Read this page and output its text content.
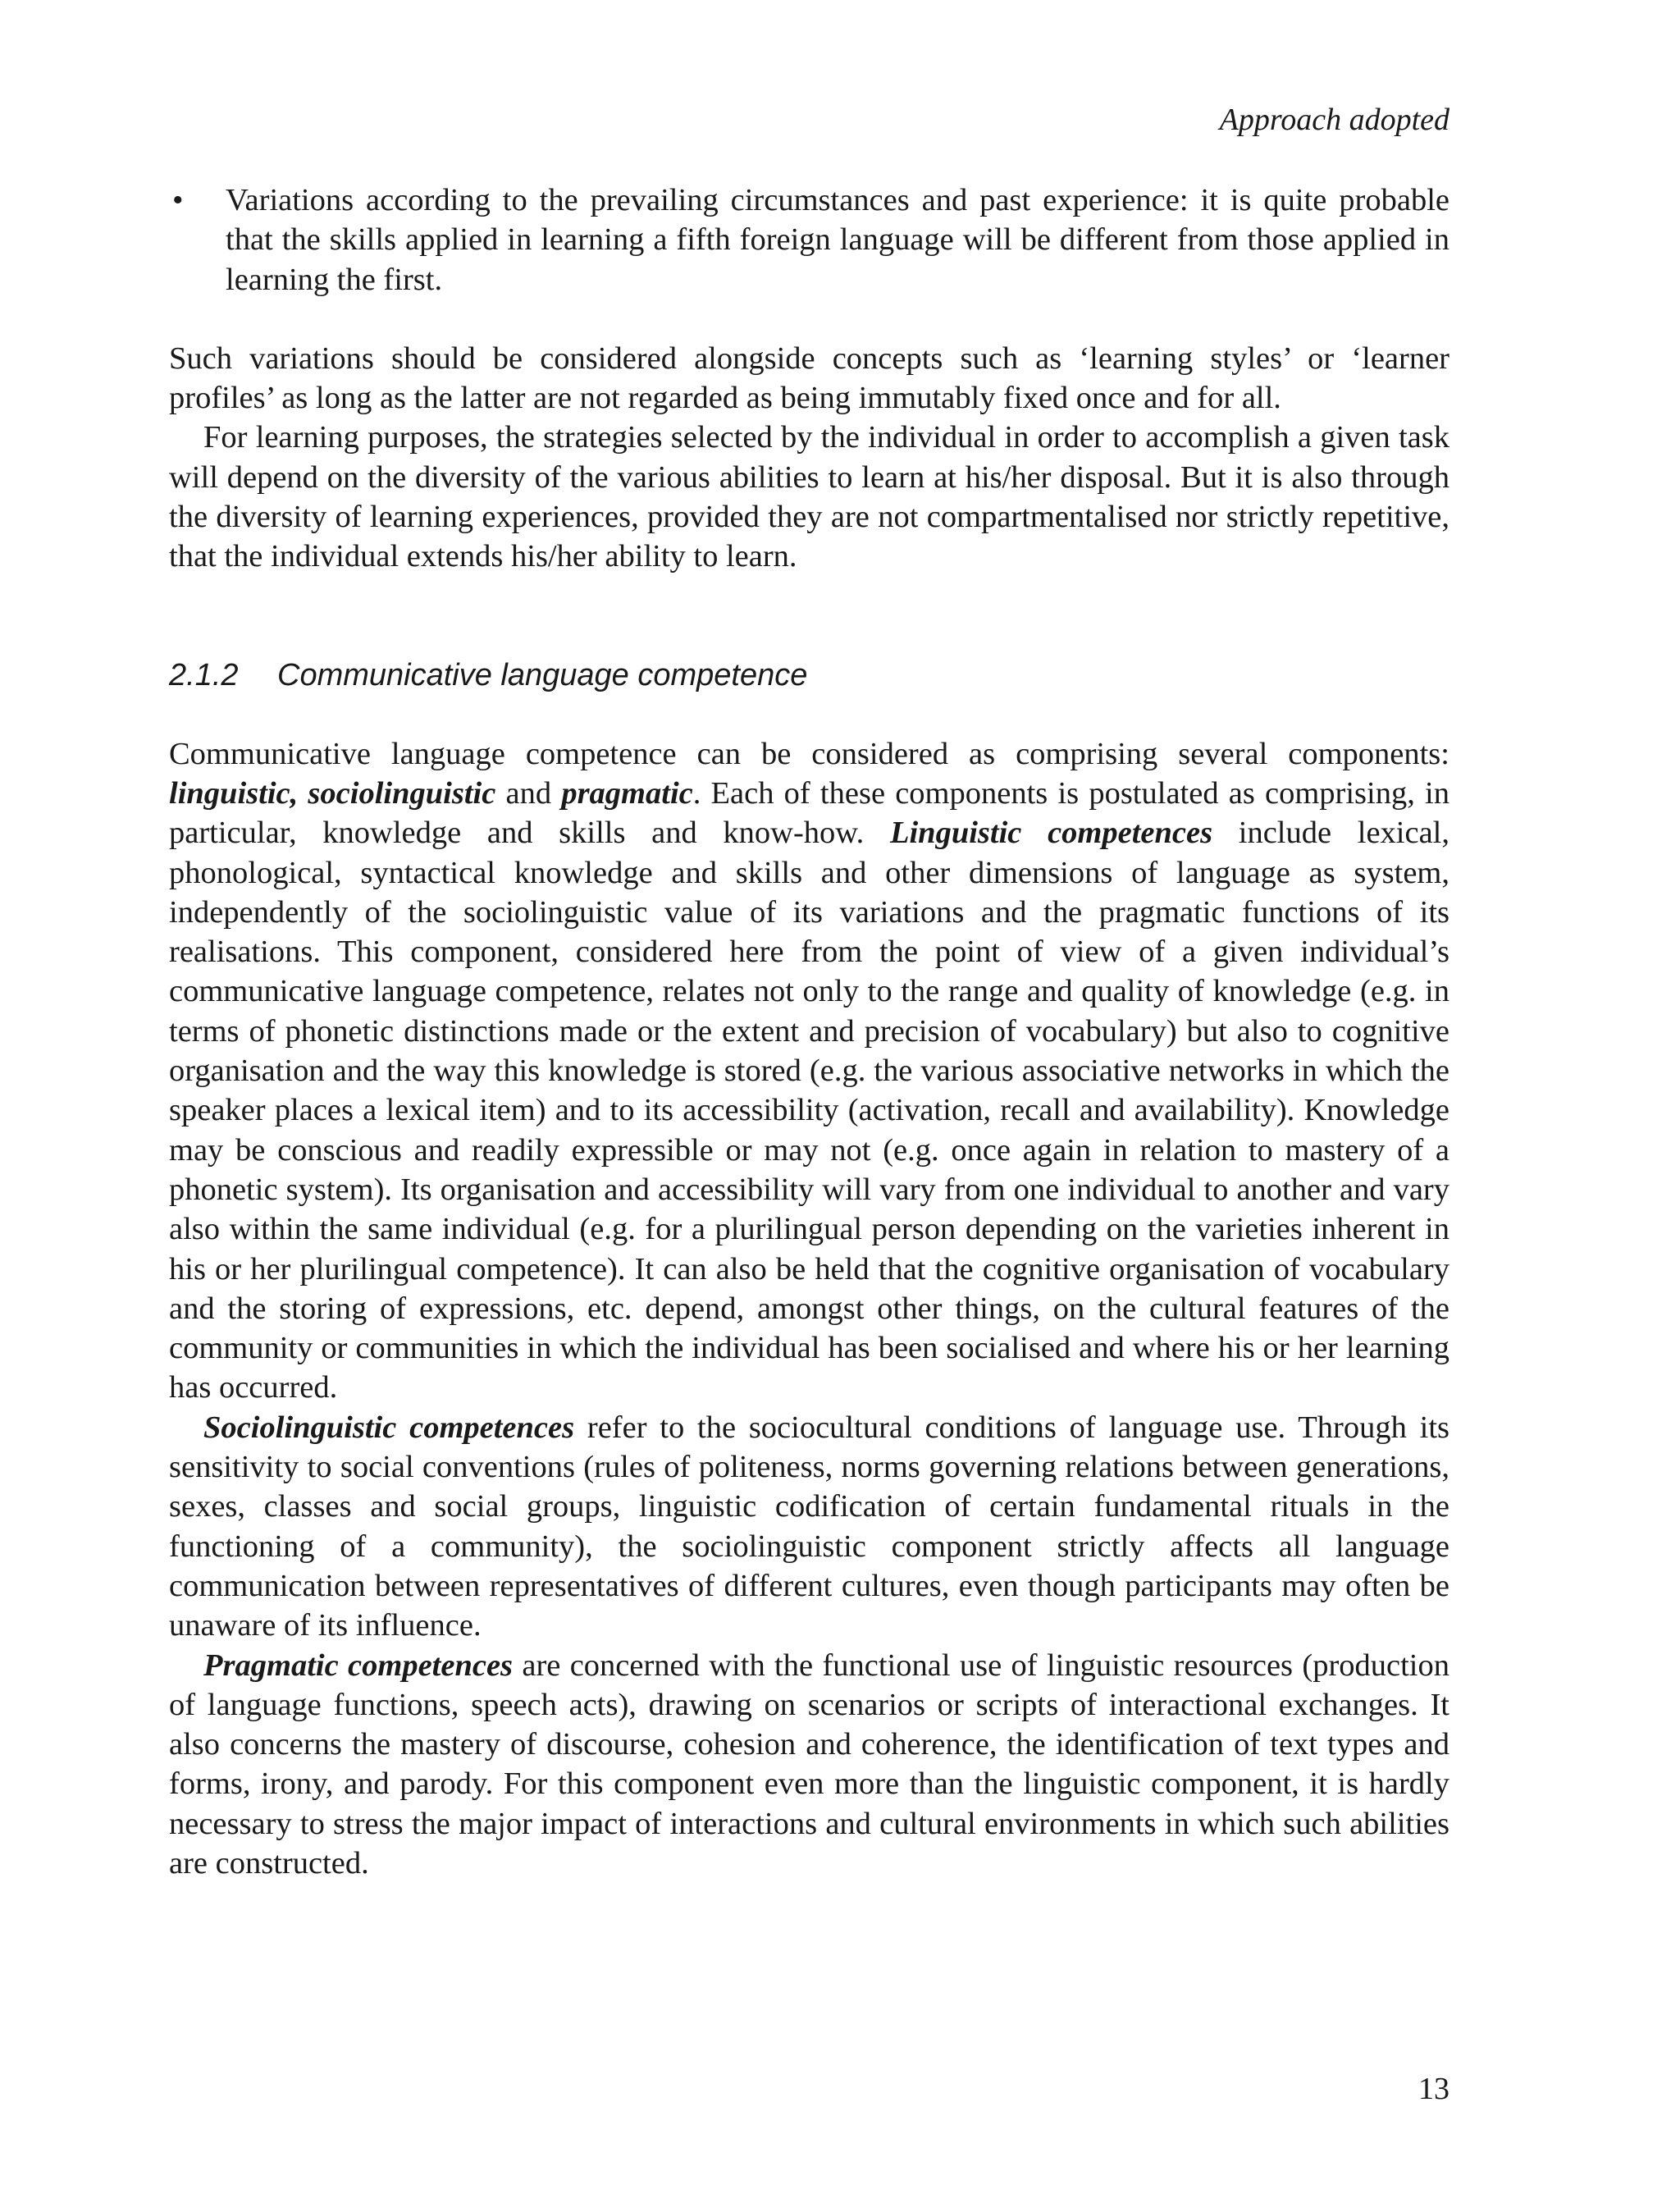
Approach adopted
• Variations according to the prevailing circumstances and past experience: it is quite probable that the skills applied in learning a fifth foreign language will be different from those applied in learning the first.

Such variations should be considered alongside concepts such as ‘learning styles’ or ‘learner profiles’ as long as the latter are not regarded as being immutably fixed once and for all.

For learning purposes, the strategies selected by the individual in order to accomplish a given task will depend on the diversity of the various abilities to learn at his/her disposal. But it is also through the diversity of learning experiences, provided they are not compartmentalised nor strictly repetitive, that the individual extends his/her ability to learn.

2.1.2 Communicative language competence

Communicative language competence can be considered as comprising several components: linguistic, sociolinguistic and pragmatic. Each of these components is postulated as comprising, in particular, knowledge and skills and know-how. Linguistic competences include lexical, phonological, syntactical knowledge and skills and other dimensions of language as system, independently of the sociolinguistic value of its variations and the pragmatic functions of its realisations. This component, considered here from the point of view of a given individual’s communicative language competence, relates not only to the range and quality of knowledge (e.g. in terms of phonetic distinctions made or the extent and precision of vocabulary) but also to cognitive organisation and the way this knowledge is stored (e.g. the various associative networks in which the speaker places a lexical item) and to its accessibility (activation, recall and availability). Knowledge may be conscious and readily expressible or may not (e.g. once again in relation to mastery of a phonetic system). Its organisation and accessibility will vary from one individual to another and vary also within the same individual (e.g. for a plurilingual person depending on the varieties inherent in his or her plurilingual competence). It can also be held that the cognitive organisation of vocabulary and the storing of expressions, etc. depend, amongst other things, on the cultural features of the community or communities in which the individual has been socialised and where his or her learning has occurred.

Sociolinguistic competences refer to the sociocultural conditions of language use. Through its sensitivity to social conventions (rules of politeness, norms governing relations between generations, sexes, classes and social groups, linguistic codification of certain fundamental rituals in the functioning of a community), the sociolinguistic component strictly affects all language communication between representatives of different cultures, even though participants may often be unaware of its influence.

Pragmatic competences are concerned with the functional use of linguistic resources (production of language functions, speech acts), drawing on scenarios or scripts of interactional exchanges. It also concerns the mastery of discourse, cohesion and coherence, the identification of text types and forms, irony, and parody. For this component even more than the linguistic component, it is hardly necessary to stress the major impact of interactions and cultural environments in which such abilities are constructed.

13
